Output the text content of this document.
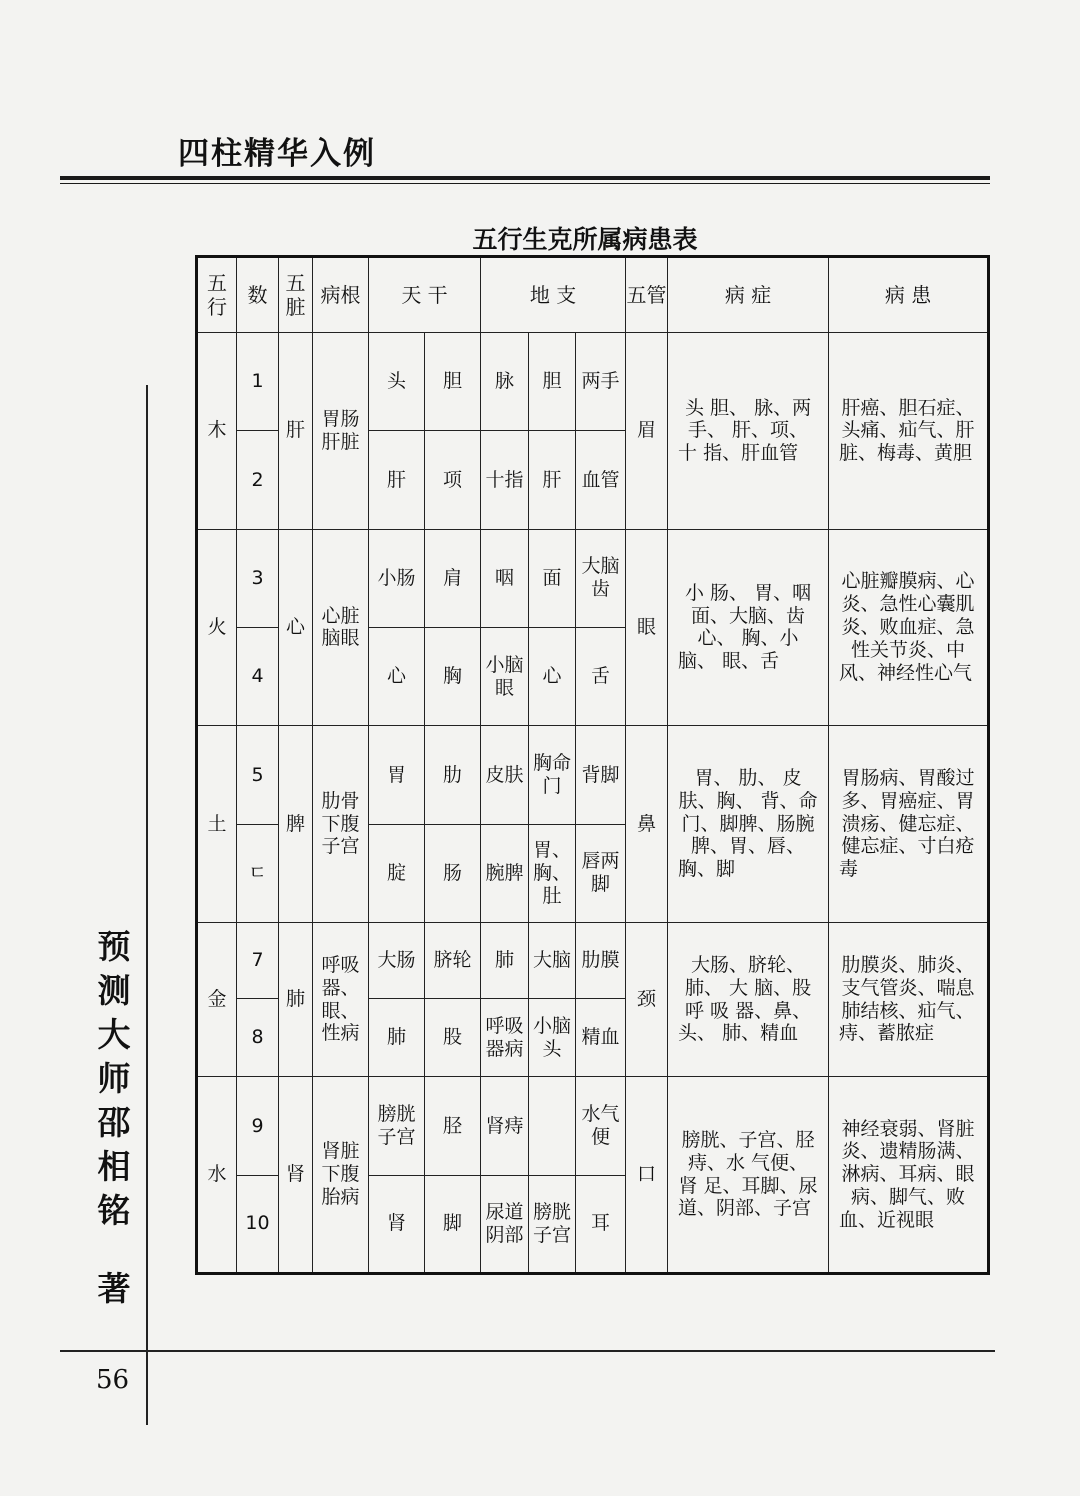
四柱精华入例
五行生克所属病患表
五行	数	五脏	病根	天 干		地 支			五管	病 症	病 患
木	1	肝	胃肠肝脏	头	胆	脉	胆	两手	眉	头 胆、 脉、两 手、 肝、项、 十 指、肝血管	肝癌、胆石症、头痛、疝气、肝脏、梅毒、黄胆
	2			肝	项	十指	肝	血管			
火	3	心	心脏脑眼	小肠	肩	咽	面	大脑齿	眼	小 肠、 胃、咽面、大脑、齿 心、 胸、小 脑、 眼、舌	心脏瓣膜病、心炎、急性心囊肌炎、败血症、急性关节炎、中风、神经性心气
	4			心	胸	小脑眼	心	舌			
土	5	脾	肋骨下腹子宫	胃	肋	皮肤	胸命门	背脚	鼻	胃、 肋、 皮肤、胸、 背、命门、脚脾、肠腕脾、胃、唇、胸、脚	胃肠病、胃酸过多、胃癌症、胃溃疡、健忘症、健忘症、寸白疮毒
	ㄷ			腚	肠	腕脾	胃、胸、肚	唇两脚			
金	7	肺	呼吸器、眼、性病	大肠	脐轮	肺	大脑	肋膜	颈	大肠、脐轮、肺、 大 脑、股 呼 吸 器、鼻、头、 肺、精血	肋膜炎、肺炎、支气管炎、喘息肺结核、疝气、痔、蓄脓症
	8			肺	股	呼吸器病	小脑头	精血			
水	9	肾	肾脏下腹胎病	膀胱子宫	胫	肾痔		水气便	口	膀胱、子宫、胫 痔、水 气便、 肾 足、耳脚、尿道、阴部、子宫	神经衰弱、肾脏炎、遗精肠满、淋病、耳病、眼病、脚气、败血、近视眼
	10			肾	脚	尿道阴部	膀胱子宫	耳			
预
测
大
师
邵
相
铭
著
56
